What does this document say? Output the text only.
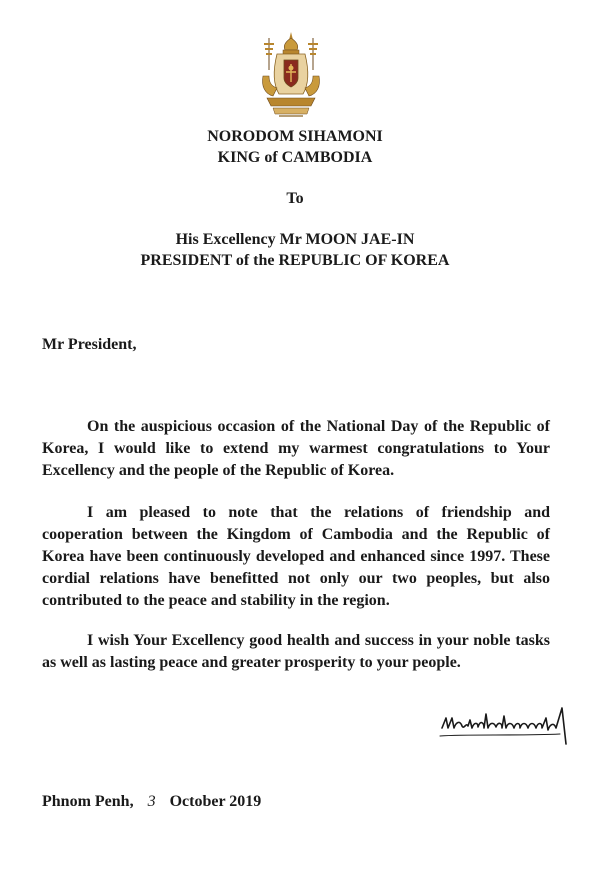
NORODOM SIHAMONI
KING of CAMBODIA
To
His Excellency Mr MOON JAE-IN
PRESIDENT of the REPUBLIC OF KOREA
Mr President,

On the auspicious occasion of the National Day of the Republic of Korea, I would like to extend my warmest congratulations to Your Excellency and the people of the Republic of Korea.

I am pleased to note that the relations of friendship and cooperation between the Kingdom of Cambodia and the Republic of Korea have been continuously developed and enhanced since 1997. These cordial relations have benefitted not only our two peoples, but also contributed to the peace and stability in the region.

I wish Your Excellency good health and success in your noble tasks as well as lasting peace and greater prosperity to your people.

Phnom Penh, 3 October 2019
